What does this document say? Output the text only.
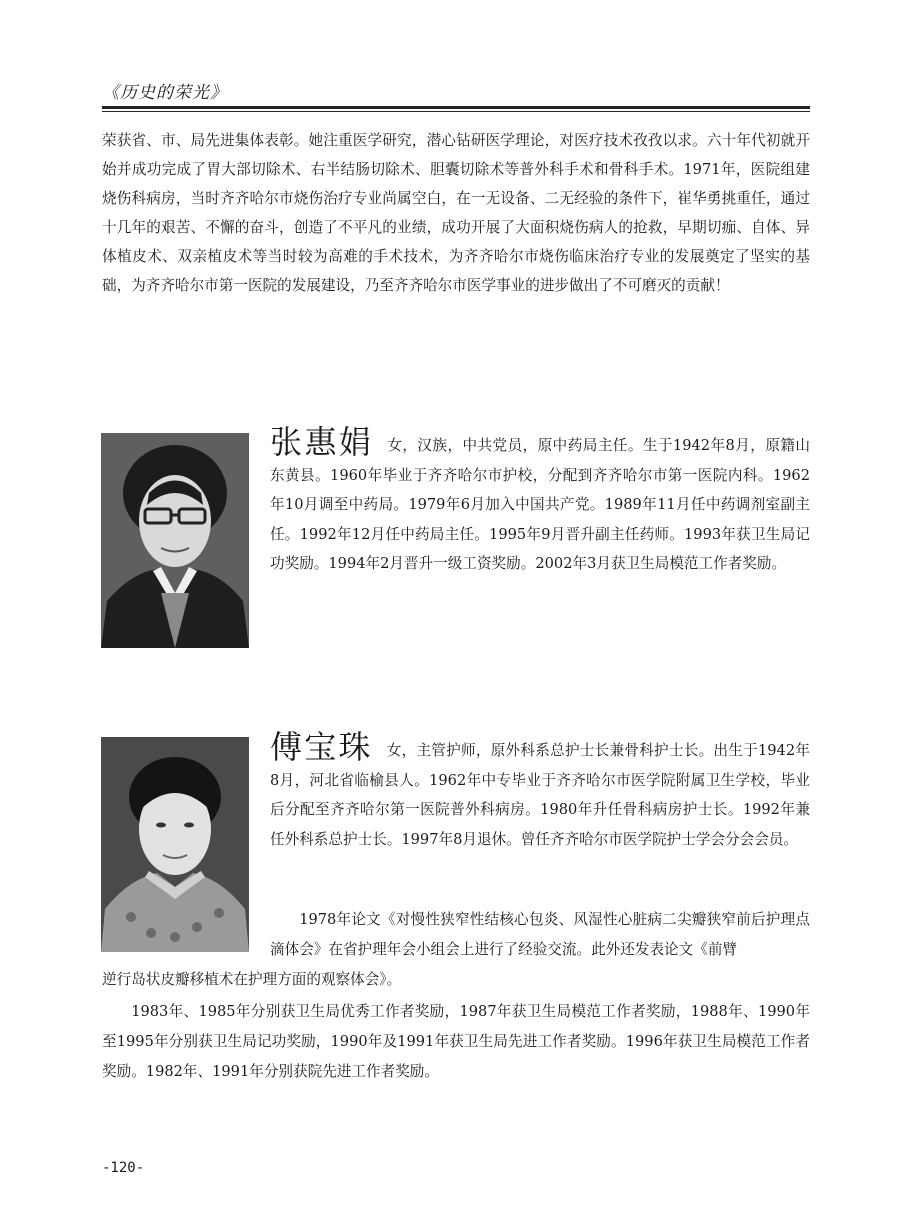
《历史的荣光》

荣获省、市、局先进集体表彰。她注重医学研究，潜心钻研医学理论，对医疗技术孜孜以求。六十年代初就开始并成功完成了胃大部切除术、右半结肠切除术、胆囊切除术等普外科手术和骨科手术。1971年，医院组建烧伤科病房，当时齐齐哈尔市烧伤治疗专业尚属空白，在一无设备、二无经验的条件下，崔华勇挑重任，通过十几年的艰苦、不懈的奋斗，创造了不平凡的业绩，成功开展了大面积烧伤病人的抢救，早期切痂、自体、异体植皮术、双亲植皮术等当时较为高难的手术技术，为齐齐哈尔市烧伤临床治疗专业的发展奠定了坚实的基础，为齐齐哈尔市第一医院的发展建设，乃至齐齐哈尔市医学事业的进步做出了不可磨灭的贡献！

张惠娟 女，汉族，中共党员，原中药局主任。生于1942年8月，原籍山东黄县。1960年毕业于齐齐哈尔市护校，分配到齐齐哈尔市第一医院内科。1962年10月调至中药局。1979年6月加入中国共产党。1989年11月任中药调剂室副主任。1992年12月任中药局主任。1995年9月晋升副主任药师。1993年获卫生局记功奖励。1994年2月晋升一级工资奖励。2002年3月获卫生局模范工作者奖励。

傅宝珠 女，主管护师，原外科系总护士长兼骨科护士长。出生于1942年8月，河北省临榆县人。1962年中专毕业于齐齐哈尔市医学院附属卫生学校，毕业后分配至齐齐哈尔第一医院普外科病房。1980年升任骨科病房护士长。1992年兼任外科系总护士长。1997年8月退休。曾任齐齐哈尔市医学院护士学会分会会员。

1978年论文《对慢性狭窄性结核心包炎、风湿性心脏病二尖瓣狭窄前后护理点滴体会》在省护理年会小组会上进行了经验交流。此外还发表论文《前臂

逆行岛状皮瓣移植术在护理方面的观察体会》。

1983年、1985年分别获卫生局优秀工作者奖励，1987年获卫生局模范工作者奖励，1988年、1990年至1995年分别获卫生局记功奖励，1990年及1991年获卫生局先进工作者奖励。1996年获卫生局模范工作者奖励。1982年、1991年分别获院先进工作者奖励。

-120-
